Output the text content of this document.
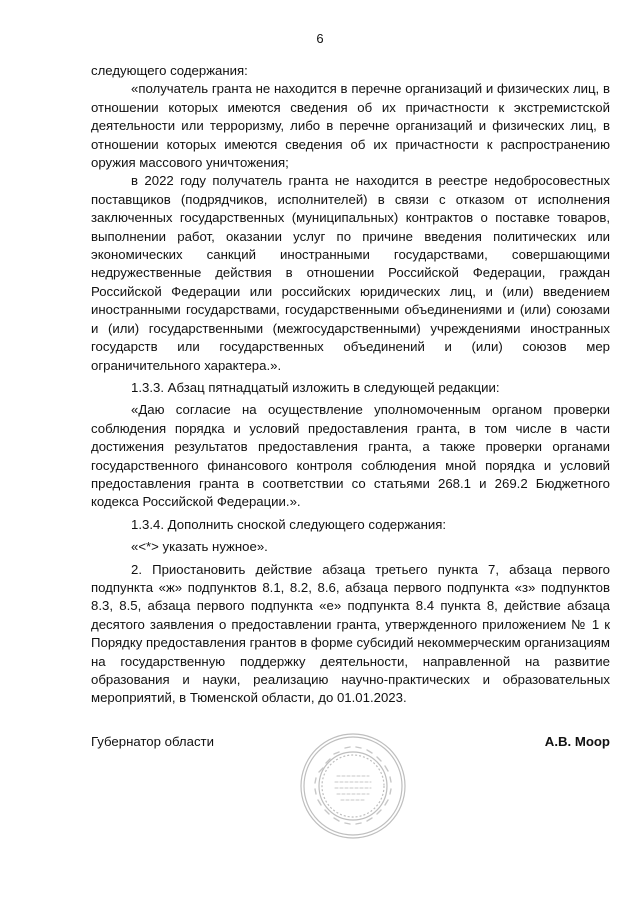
6

следующего содержания:

«получатель гранта не находится в перечне организаций и физических лиц, в отношении которых имеются сведения об их причастности к экстремистской деятельности или терроризму, либо в перечне организаций и физических лиц, в отношении которых имеются сведения об их причастности к распространению оружия массового уничтожения;

в 2022 году получатель гранта не находится в реестре недобросовестных поставщиков (подрядчиков, исполнителей) в связи с отказом от исполнения заключенных государственных (муниципальных) контрактов о поставке товаров, выполнении работ, оказании услуг по причине введения политических или экономических санкций иностранными государствами, совершающими недружественные действия в отношении Российской Федерации, граждан Российской Федерации или российских юридических лиц, и (или) введением иностранными государствами, государственными объединениями и (или) союзами и (или) государственными (межгосударственными) учреждениями иностранных государств или государственных объединений и (или) союзов мер ограничительного характера.».

1.3.3. Абзац пятнадцатый изложить в следующей редакции:

«Даю согласие на осуществление уполномоченным органом проверки соблюдения порядка и условий предоставления гранта, в том числе в части достижения результатов предоставления гранта, а также проверки органами государственного финансового контроля соблюдения мной порядка и условий предоставления гранта в соответствии со статьями 268.1 и 269.2 Бюджетного кодекса Российской Федерации.».

1.3.4. Дополнить сноской следующего содержания:

«<*> указать нужное».

2. Приостановить действие абзаца третьего пункта 7, абзаца первого подпункта «ж» подпунктов 8.1, 8.2, 8.6, абзаца первого подпункта «з» подпунктов 8.3, 8.5, абзаца первого подпункта «е» подпункта 8.4 пункта 8, действие абзаца десятого заявления о предоставлении гранта, утвержденного приложением № 1 к Порядку предоставления грантов в форме субсидий некоммерческим организациям на государственную поддержку деятельности, направленной на развитие образования и науки, реализацию научно-практических и образовательных мероприятий, в Тюменской области, до 01.01.2023.

Губернатор области	А.В. Моор
